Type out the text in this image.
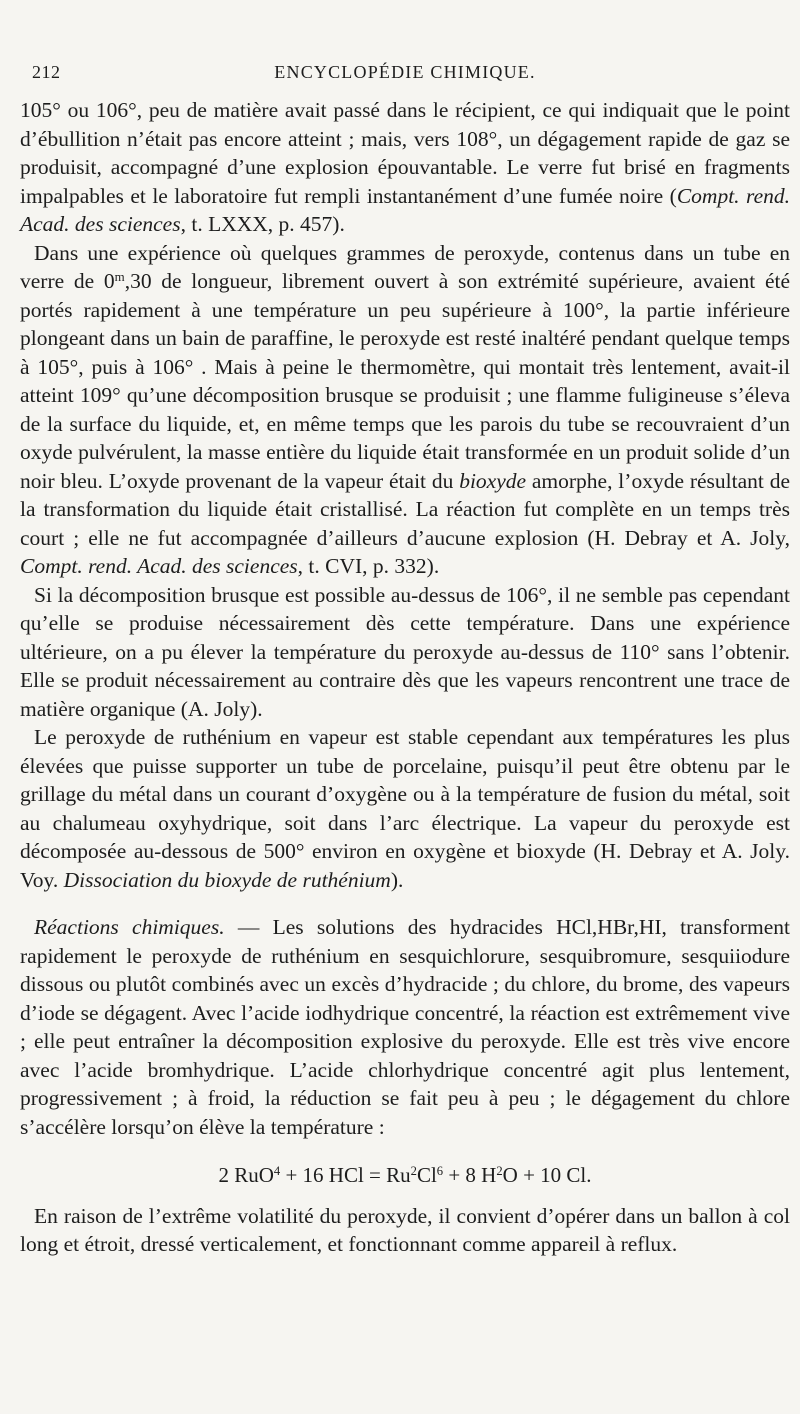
212	ENCYCLOPÉDIE CHIMIQUE.

105° ou 106°, peu de matière avait passé dans le récipient, ce qui indiquait que le point d’ébullition n’était pas encore atteint ; mais, vers 108°, un dégagement rapide de gaz se produisit, accompagné d’une explosion épouvantable. Le verre fut brisé en fragments impalpables et le laboratoire fut rempli instantanément d’une fumée noire (Compt. rend. Acad. des sciences, t. LXXX, p. 457).

Dans une expérience où quelques grammes de peroxyde, contenus dans un tube en verre de 0$^m$,30 de longueur, librement ouvert à son extrémité supérieure, avaient été portés rapidement à une température un peu supérieure à 100°, la partie inférieure plongeant dans un bain de paraffine, le peroxyde est resté inaltéré pendant quelque temps à 105°, puis à 106° . Mais à peine le thermomètre, qui montait très lentement, avait-il atteint 109° qu’une décomposition brusque se produisit ; une flamme fuligineuse s’éleva de la surface du liquide, et, en même temps que les parois du tube se recouvraient d’un oxyde pulvérulent, la masse entière du liquide était transformée en un produit solide d’un noir bleu. L’oxyde provenant de la vapeur était du bioxyde amorphe, l’oxyde résultant de la transformation du liquide était cristallisé. La réaction fut complète en un temps très court ; elle ne fut accompagnée d’ailleurs d’aucune explosion (H. Debray et A. Joly, Compt. rend. Acad. des sciences, t. CVI, p. 332).

Si la décomposition brusque est possible au-dessus de 106°, il ne semble pas cependant qu’elle se produise nécessairement dès cette température. Dans une expérience ultérieure, on a pu élever la température du peroxyde au-dessus de 110° sans l’obtenir. Elle se produit nécessairement au contraire dès que les vapeurs rencontrent une trace de matière organique (A. Joly).

Le peroxyde de ruthénium en vapeur est stable cependant aux températures les plus élevées que puisse supporter un tube de porcelaine, puisqu’il peut être obtenu par le grillage du métal dans un courant d’oxygène ou à la température de fusion du métal, soit au chalumeau oxyhydrique, soit dans l’arc électrique. La vapeur du peroxyde est décomposée au-dessous de 500° environ en oxygène et bioxyde (H. Debray et A. Joly. Voy. Dissociation du bioxyde de ruthénium).

Réactions chimiques. — Les solutions des hydracides HCl,HBr,HI, transforment rapidement le peroxyde de ruthénium en sesquichlorure, sesquibromure, sesquiiodure dissous ou plutôt combinés avec un excès d’hydracide ; du chlore, du brome, des vapeurs d’iode se dégagent. Avec l’acide iodhydrique concentré, la réaction est extrêmement vive ; elle peut entraîner la décomposition explosive du peroxyde. Elle est très vive encore avec l’acide bromhydrique. L’acide chlorhydrique concentré agit plus lentement, progressivement ; à froid, la réduction se fait peu à peu ; le dégagement du chlore s’accélère lorsqu’on élève la température :

2 RuO$^4$ + 16 HCl = $Ru^2Cl^6 + 8$ $H^2O + 10$ Cl.

En raison de l’extrême volatilité du peroxyde, il convient d’opérer dans un ballon à col long et étroit, dressé verticalement, et fonctionnant comme appareil à reflux.
